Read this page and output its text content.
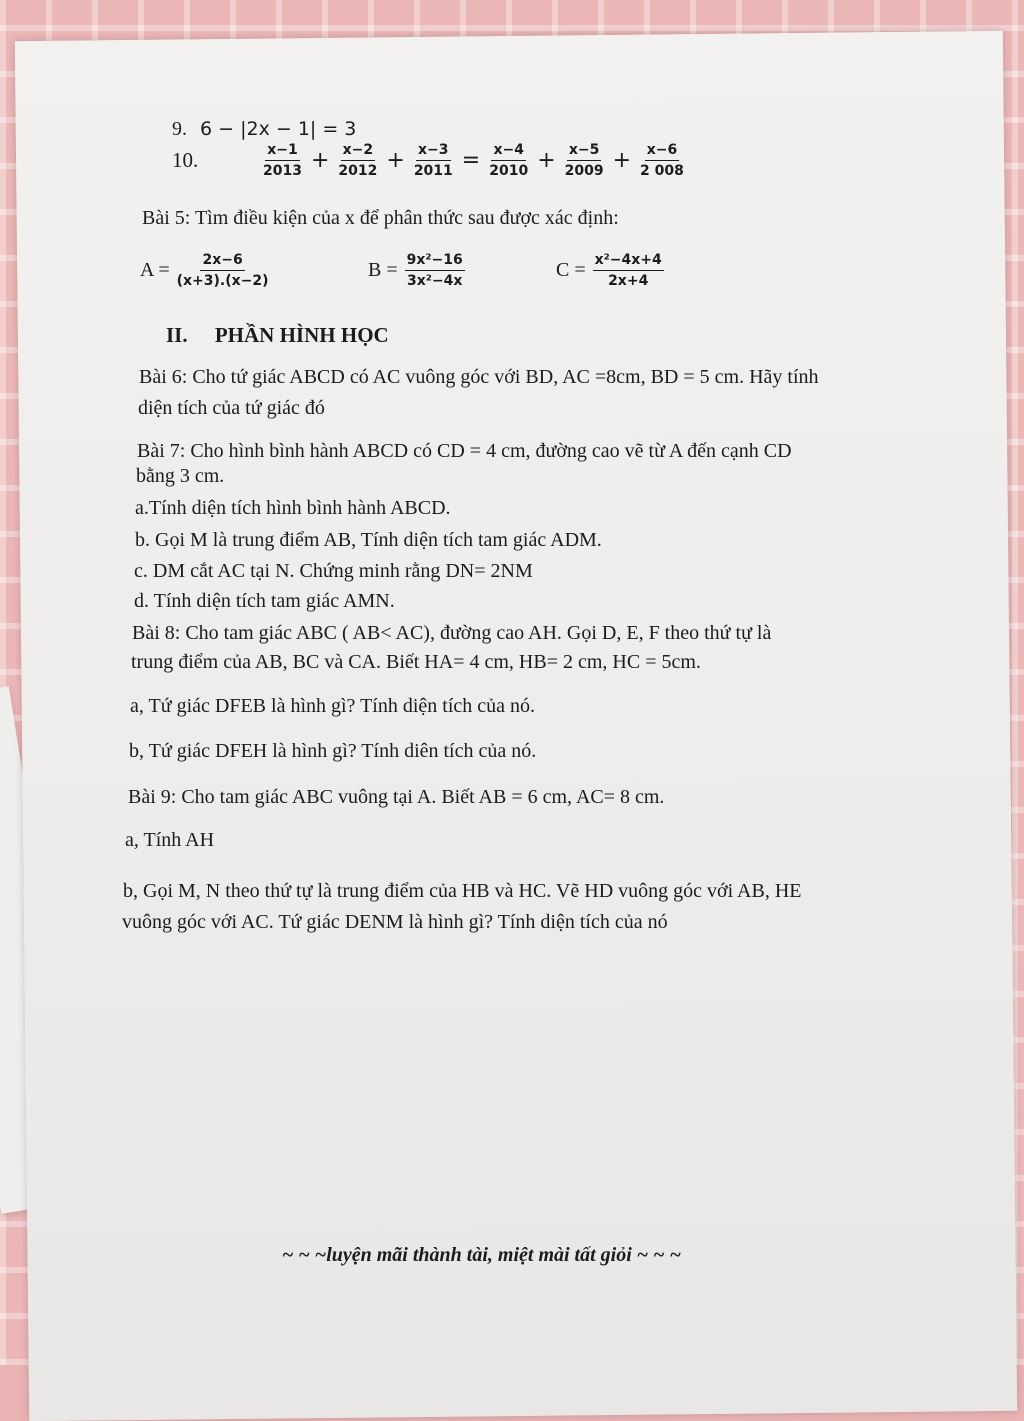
9. 6 − |2x − 1| = 3
10.	$\frac{x-1}{2013} + \frac{x-2}{2012} + \frac{x-3}{2011} = \frac{x-4}{2010} + \frac{x-5}{2009} + \frac{x-6}{2 008}$
Bài 5: Tìm điều kiện của x để phân thức sau được xác định:
$A = \frac{2x-6}{(x+3).(x-2)}$	$B = \frac{\text{9x²−16}}{\text{3x²−4x}}$	$C = \frac{\text{x²−4x+4}}{2x+4}$
II. PHẦN HÌNH HỌC
Bài 6: Cho tứ giác ABCD có AC vuông góc với BD, AC =8cm, BD = 5 cm. Hãy tính
diện tích của tứ giác đó
Bài 7: Cho hình bình hành ABCD có CD = 4 cm, đường cao vẽ từ A đến cạnh CD
bằng 3 cm.
a.Tính diện tích hình bình hành ABCD.
b. Gọi M là trung điểm AB, Tính diện tích tam giác ADM.
c. DM cắt AC tại N. Chứng minh rằng DN= 2NM
d. Tính diện tích tam giác AMN.
Bài 8: Cho tam giác ABC ( AB< AC), đường cao AH. Gọi D, E, F theo thứ tự là
trung điểm của AB, BC và CA. Biết HA= 4 cm, HB= 2 cm, HC = 5cm.
a, Tứ giác DFEB là hình gì? Tính diện tích của nó.
b, Tứ giác DFEH là hình gì? Tính diên tích của nó.
Bài 9: Cho tam giác ABC vuông tại A. Biết AB = 6 cm, AC= 8 cm.
a, Tính AH
b, Gọi M, N theo thứ tự là trung điểm của HB và HC. Vẽ HD vuông góc với AB, HE
vuông góc với AC. Tứ giác DENM là hình gì? Tính diện tích của nó
~ ~ ~luyện mãi thành tài, miệt mài tất giỏi ~ ~ ~
